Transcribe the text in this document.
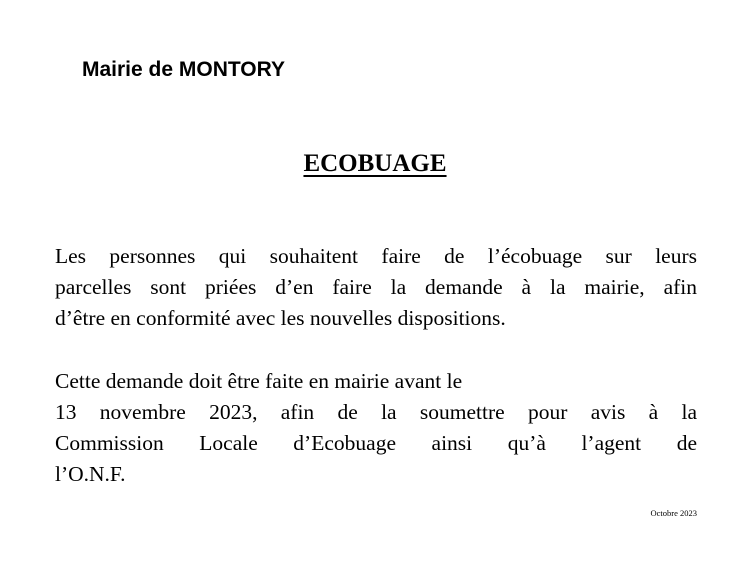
Mairie de MONTORY
ECOBUAGE
Les personnes qui souhaitent faire de l’écobuage sur leurs
parcelles sont priées d’en faire la demande à la mairie, afin
d’être en conformité avec les nouvelles dispositions.
Cette demande doit être faite en mairie avant le
13 novembre 2023, afin de la soumettre pour avis à la
Commission Locale d’Ecobuage ainsi qu’à l’agent de
l’O.N.F.
Octobre 2023
